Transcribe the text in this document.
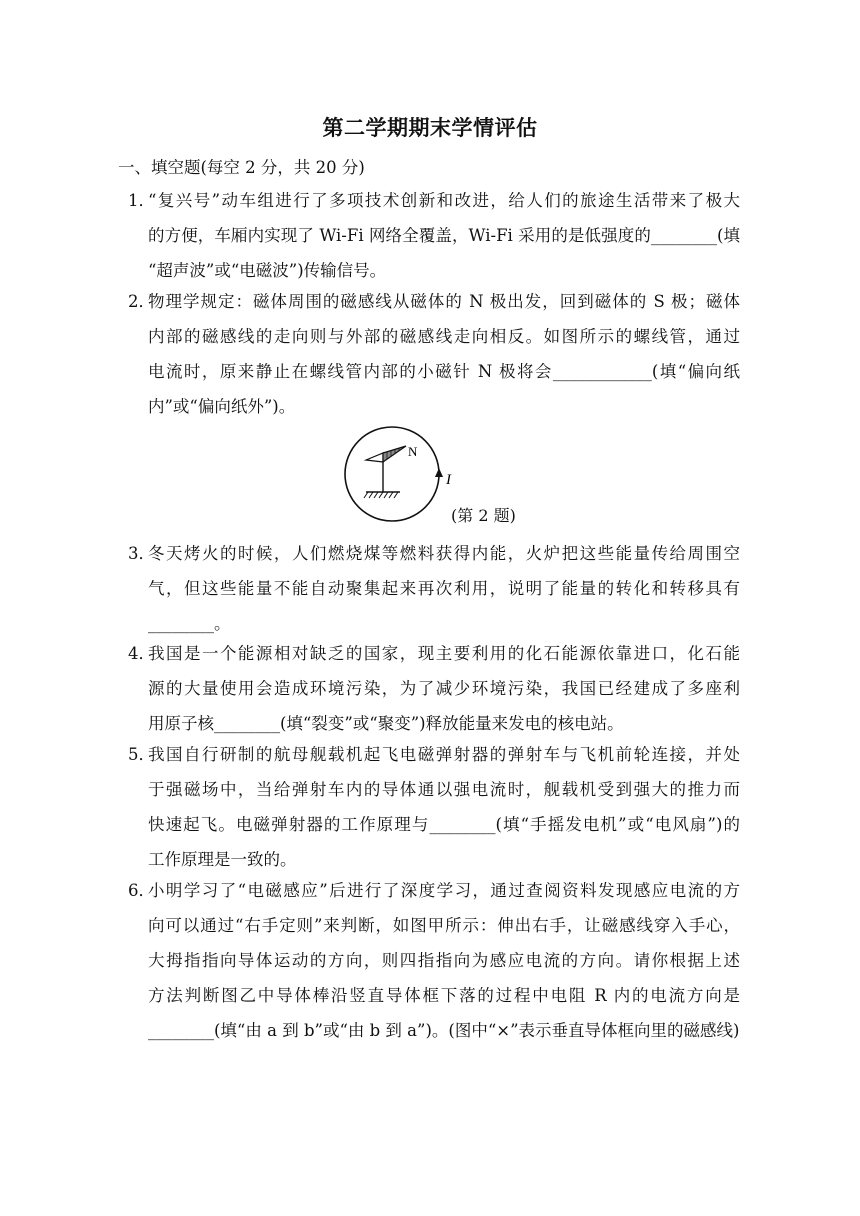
第二学期期末学情评估
一、填空题(每空 2 分，共 20 分)
1．
“复兴号”动车组进行了多项技术创新和改进，给人们的旅途生活带来了极大
的方便，车厢内实现了 Wi-Fi 网络全覆盖，Wi-Fi 采用的是低强度的________(填
“超声波”或“电磁波”)传输信号。
2．
物理学规定：磁体周围的磁感线从磁体的 N 极出发，回到磁体的 S 极；磁体
内部的磁感线的走向则与外部的磁感线走向相反。如图所示的螺线管，通过
电流时，原来静止在螺线管内部的小磁针 N 极将会____________(填“偏向纸
内”或“偏向纸外”)。
N
I
(第 2 题)
3．
冬天烤火的时候，人们燃烧煤等燃料获得内能，火炉把这些能量传给周围空
气，但这些能量不能自动聚集起来再次利用，说明了能量的转化和转移具有
________。
4．
我国是一个能源相对缺乏的国家，现主要利用的化石能源依靠进口，化石能
源的大量使用会造成环境污染，为了减少环境污染，我国已经建成了多座利
用原子核________(填“裂变”或“聚变”)释放能量来发电的核电站。
5．
我国自行研制的航母舰载机起飞电磁弹射器的弹射车与飞机前轮连接，并处
于强磁场中，当给弹射车内的导体通以强电流时，舰载机受到强大的推力而
快速起飞。电磁弹射器的工作原理与________(填“手摇发电机”或“电风扇”)的
工作原理是一致的。
6．
小明学习了“电磁感应”后进行了深度学习，通过查阅资料发现感应电流的方
向可以通过“右手定则”来判断，如图甲所示：伸出右手，让磁感线穿入手心，
大拇指指向导体运动的方向，则四指指向为感应电流的方向。请你根据上述
方法判断图乙中导体棒沿竖直导体框下落的过程中电阻 R 内的电流方向是
________(填“由 a 到 b”或“由 b 到 a”)。(图中“×”表示垂直导体框向里的磁感线)
